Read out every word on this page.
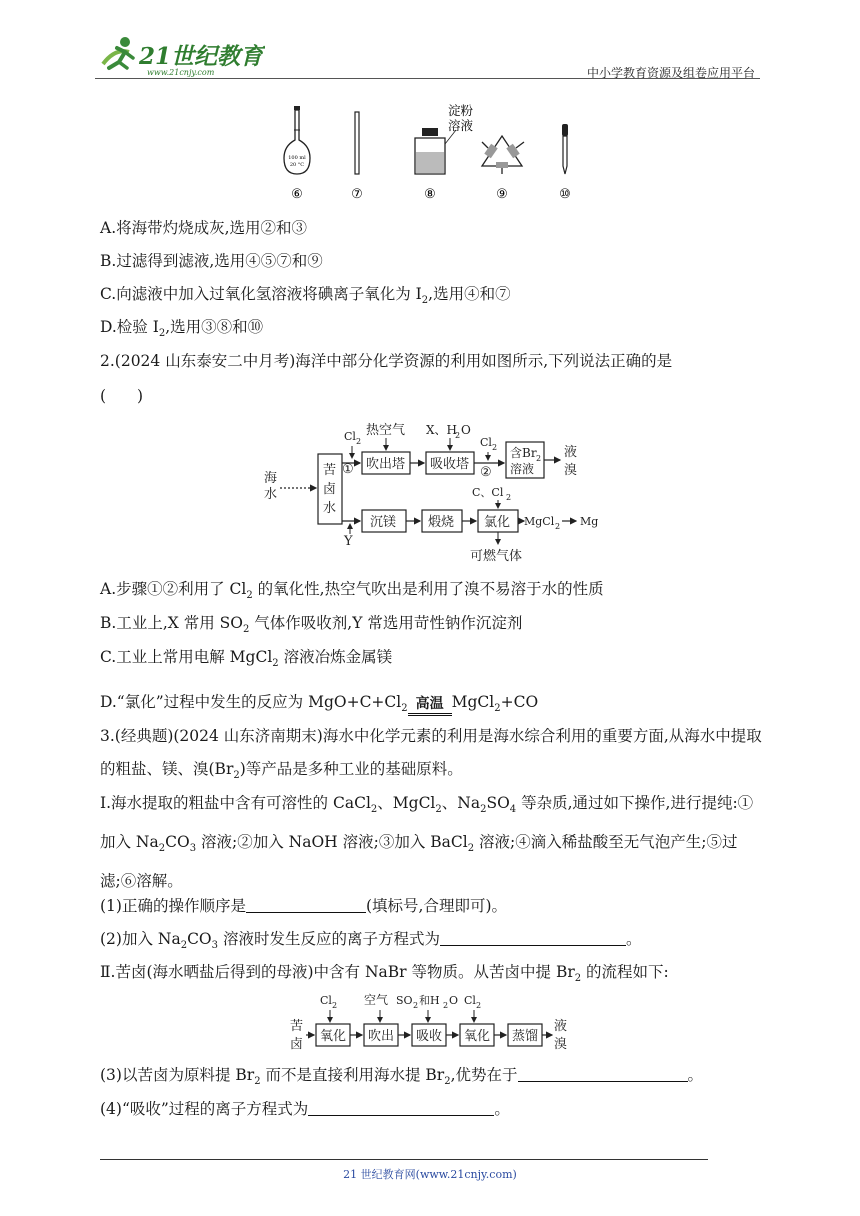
21世纪教育
www.21cnjy.com	中小学教育资源及组卷应用平台
100 ml
20 °C
淀粉
溶液
⑥	⑦	⑧	⑨	⑩
A.将海带灼烧成灰,选用②和③
B.过滤得到滤液,选用④⑤⑦和⑨
C.向滤液中加入过氧化氢溶液将碘离子氧化为 $I_2$,选用④和⑦
D.检验 $I_2$,选用③⑧和⑩
2.(2024 山东泰安二中月考)海洋中部分化学资源的利用如图所示,下列说法正确的是
(　　)
海
水
苦
卤
水
Cl 2
①
热空气
吹出塔
X、H
2 O
吸收塔
Cl 2
②
含Br 2
溶液
液
溴
Y
沉镁 煅烧
C、Cl 2
氯化 MgCl 2 Mg
可燃气体
A.步骤①②利用了 $Cl_2$ 的氧化性,热空气吹出是利用了溴不易溶于水的性质
B.工业上,X 常用 $SO_2$ 气体作吸收剂,Y 常选用苛性钠作沉淀剂
C.工业上常用电解 MgCl$_2$ 溶液冶炼金属镁
D.“氯化”过程中发生的反应为 $MgO+C+Cl_2$ 高温 MgCl$_2$+CO
3.(经典题)(2024 山东济南期末)海水中化学元素的利用是海水综合利用的重要方面,从海水中提取的粗盐、镁、溴$(Br_2)$等产品是多种工业的基础原料。
Ⅰ.海水提取的粗盐中含有可溶性的 CaCl$_2$、MgCl$_2$、$Na_2SO_4$ 等杂质,通过如下操作,进行提纯:①加入 $Na_2CO_3$ 溶液;②加入 NaOH 溶液;③加入 BaCl$_2$ 溶液;④滴入稀盐酸至无气泡产生;⑤过滤;⑥溶解。
(1)正确的操作顺序是	(填标号,合理即可)。
(2)加入 $Na_2CO_3$ 溶液时发生反应的离子方程式为	。
Ⅱ.苦卤(海水晒盐后得到的母液)中含有 NaBr 等物质。从苦卤中提 $Br_2$ 的流程如下:
苦
卤
Cl 2
氧化
空气
吹出
SO 2 和H 2 O
吸收
Cl 2
氧化 蒸馏
液
溴
(3)以苦卤为原料提 $Br_2$ 而不是直接利用海水提 $Br_2$,优势在于	。
(4)“吸收”过程的离子方程式为	。
21 世纪教育网(www.21cnjy.com)
